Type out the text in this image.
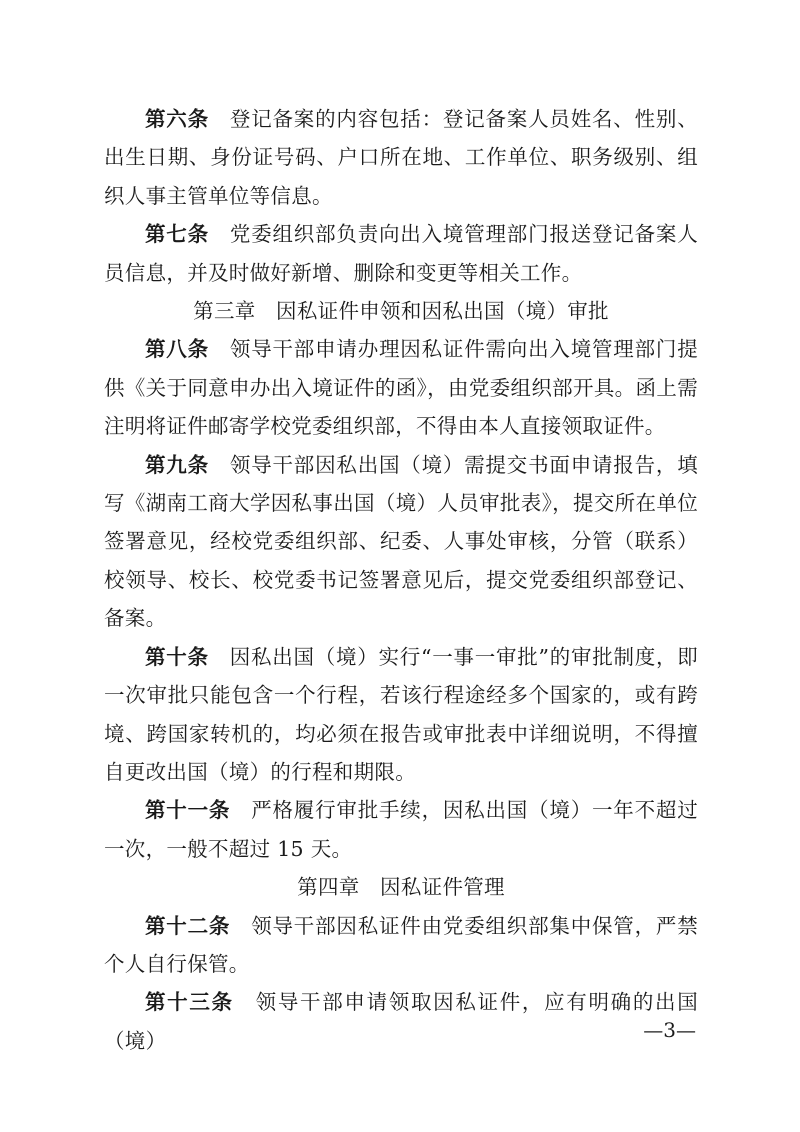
第六条 登记备案的内容包括：登记备案人员姓名、性别、出生日期、身份证号码、户口所在地、工作单位、职务级别、组织人事主管单位等信息。

第七条 党委组织部负责向出入境管理部门报送登记备案人员信息，并及时做好新增、删除和变更等相关工作。

第三章 因私证件申领和因私出国（境）审批

第八条 领导干部申请办理因私证件需向出入境管理部门提供《关于同意申办出入境证件的函》，由党委组织部开具。函上需注明将证件邮寄学校党委组织部，不得由本人直接领取证件。

第九条 领导干部因私出国（境）需提交书面申请报告，填写《湖南工商大学因私事出国（境）人员审批表》，提交所在单位签署意见，经校党委组织部、纪委、人事处审核，分管（联系）校领导、校长、校党委书记签署意见后，提交党委组织部登记、备案。

第十条 因私出国（境）实行“一事一审批”的审批制度，即一次审批只能包含一个行程，若该行程途经多个国家的，或有跨境、跨国家转机的，均必须在报告或审批表中详细说明，不得擅自更改出国（境）的行程和期限。

第十一条 严格履行审批手续，因私出国（境）一年不超过一次，一般不超过 15 天。

第四章 因私证件管理

第十二条 领导干部因私证件由党委组织部集中保管，严禁个人自行保管。

第十三条 领导干部申请领取因私证件，应有明确的出国（境）	—3—
